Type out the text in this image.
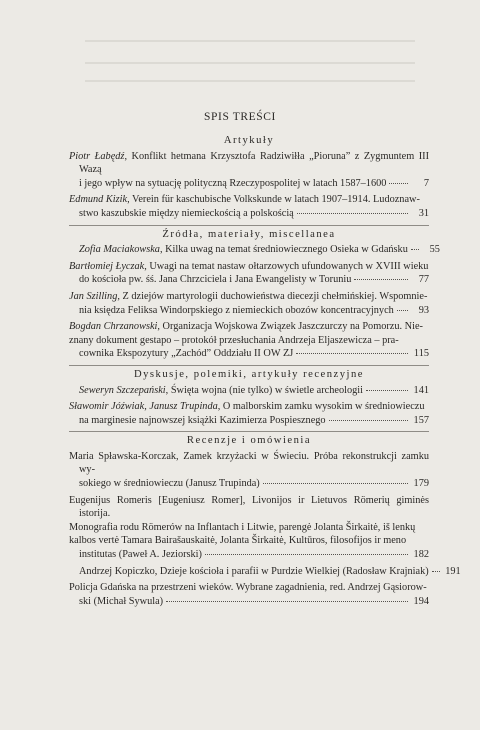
SPIS TREŚCI
Artykuły
Piotr Łabędź, Konflikt hetmana Krzysztofa Radziwiłła „Pioruna” z Zygmuntem III Wazą
i jego wpływ na sytuację polityczną Rzeczypospolitej w latach 1587–1600	7
Edmund Kizik, Verein für kaschubische Volkskunde w latach 1907–1914. Ludoznaw-
stwo kaszubskie między niemieckością a polskością	31
Źródła, materiały, miscellanea
Zofia Maciakowska, Kilka uwag na temat średniowiecznego Osieka w Gdańsku	55
Bartłomiej Łyczak, Uwagi na temat nastaw ołtarzowych ufundowanych w XVIII wieku
do kościoła pw. śś. Jana Chrzciciela i Jana Ewangelisty w Toruniu	77
Jan Szilling, Z dziejów martyrologii duchowieństwa diecezji chełmińskiej. Wspomnie-
nia księdza Feliksa Windorpskiego z niemieckich obozów koncentracyjnych	93
Bogdan Chrzanowski, Organizacja Wojskowa Związek Jaszczurczy na Pomorzu. Nie-
znany dokument gestapo – protokół przesłuchania Andrzeja Eljaszewicza – pra-
cownika Ekspozytury „Zachód” Oddziału II OW ZJ	115
Dyskusje, polemiki, artykuły recenzyjne
Seweryn Szczepański, Święta wojna (nie tylko) w świetle archeologii	141
Sławomir Jóźwiak, Janusz Trupinda, O malborskim zamku wysokim w średniowieczu
na marginesie najnowszej książki Kazimierza Pospiesznego	157
Recenzje i omówienia
Maria Spławska-Korczak, Zamek krzyżacki w Świeciu. Próba rekonstrukcji zamku wy-
sokiego w średniowieczu (Janusz Trupinda)	179
Eugenijus Romeris [Eugeniusz Romer], Livonijos ir Lietuvos Römerių giminės istorija.
Monografia rodu Römerów na Inflantach i Litwie, parengė Jolanta Širkaitė, iš lenkų
kalbos vertė Tamara Bairašauskaitė, Jolanta Širkaitė, Kultūros, filosofijos ir meno
institutas (Paweł A. Jeziorski)	182
Andrzej Kopiczko, Dzieje kościoła i parafii w Purdzie Wielkiej (Radosław Krajniak) 191
Policja Gdańska na przestrzeni wieków. Wybrane zagadnienia, red. Andrzej Gąsiorow-
ski (Michał Sywula)	194
